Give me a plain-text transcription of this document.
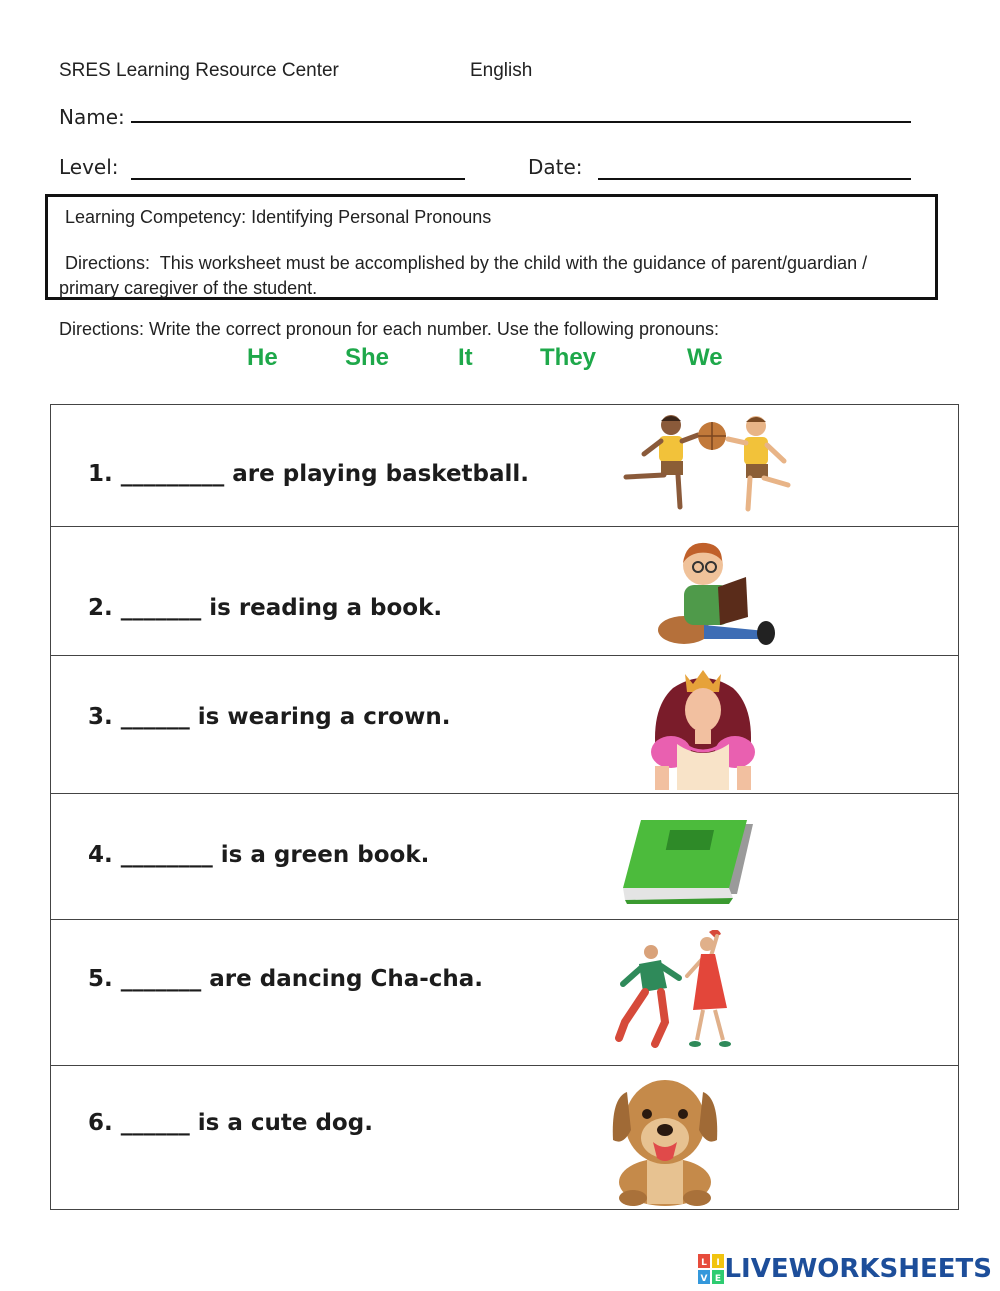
SRES Learning Resource Center	English
Name:
Level:	Date:
Learning Competency: Identifying Personal Pronouns
Directions:  This worksheet must be accomplished by the child with the guidance of parent/guardian /
primary caregiver of the student.
Directions: Write the correct pronoun for each number. Use the following pronouns:
He	She	It	They	We
1. _________ are playing basketball.
2. _______ is reading a book.
3. ______ is wearing a crown.
4. ________ is a green book.
5. _______ are dancing Cha-cha.
6. ______ is a cute dog.
L I
V E LIVEWORKSHEETS
